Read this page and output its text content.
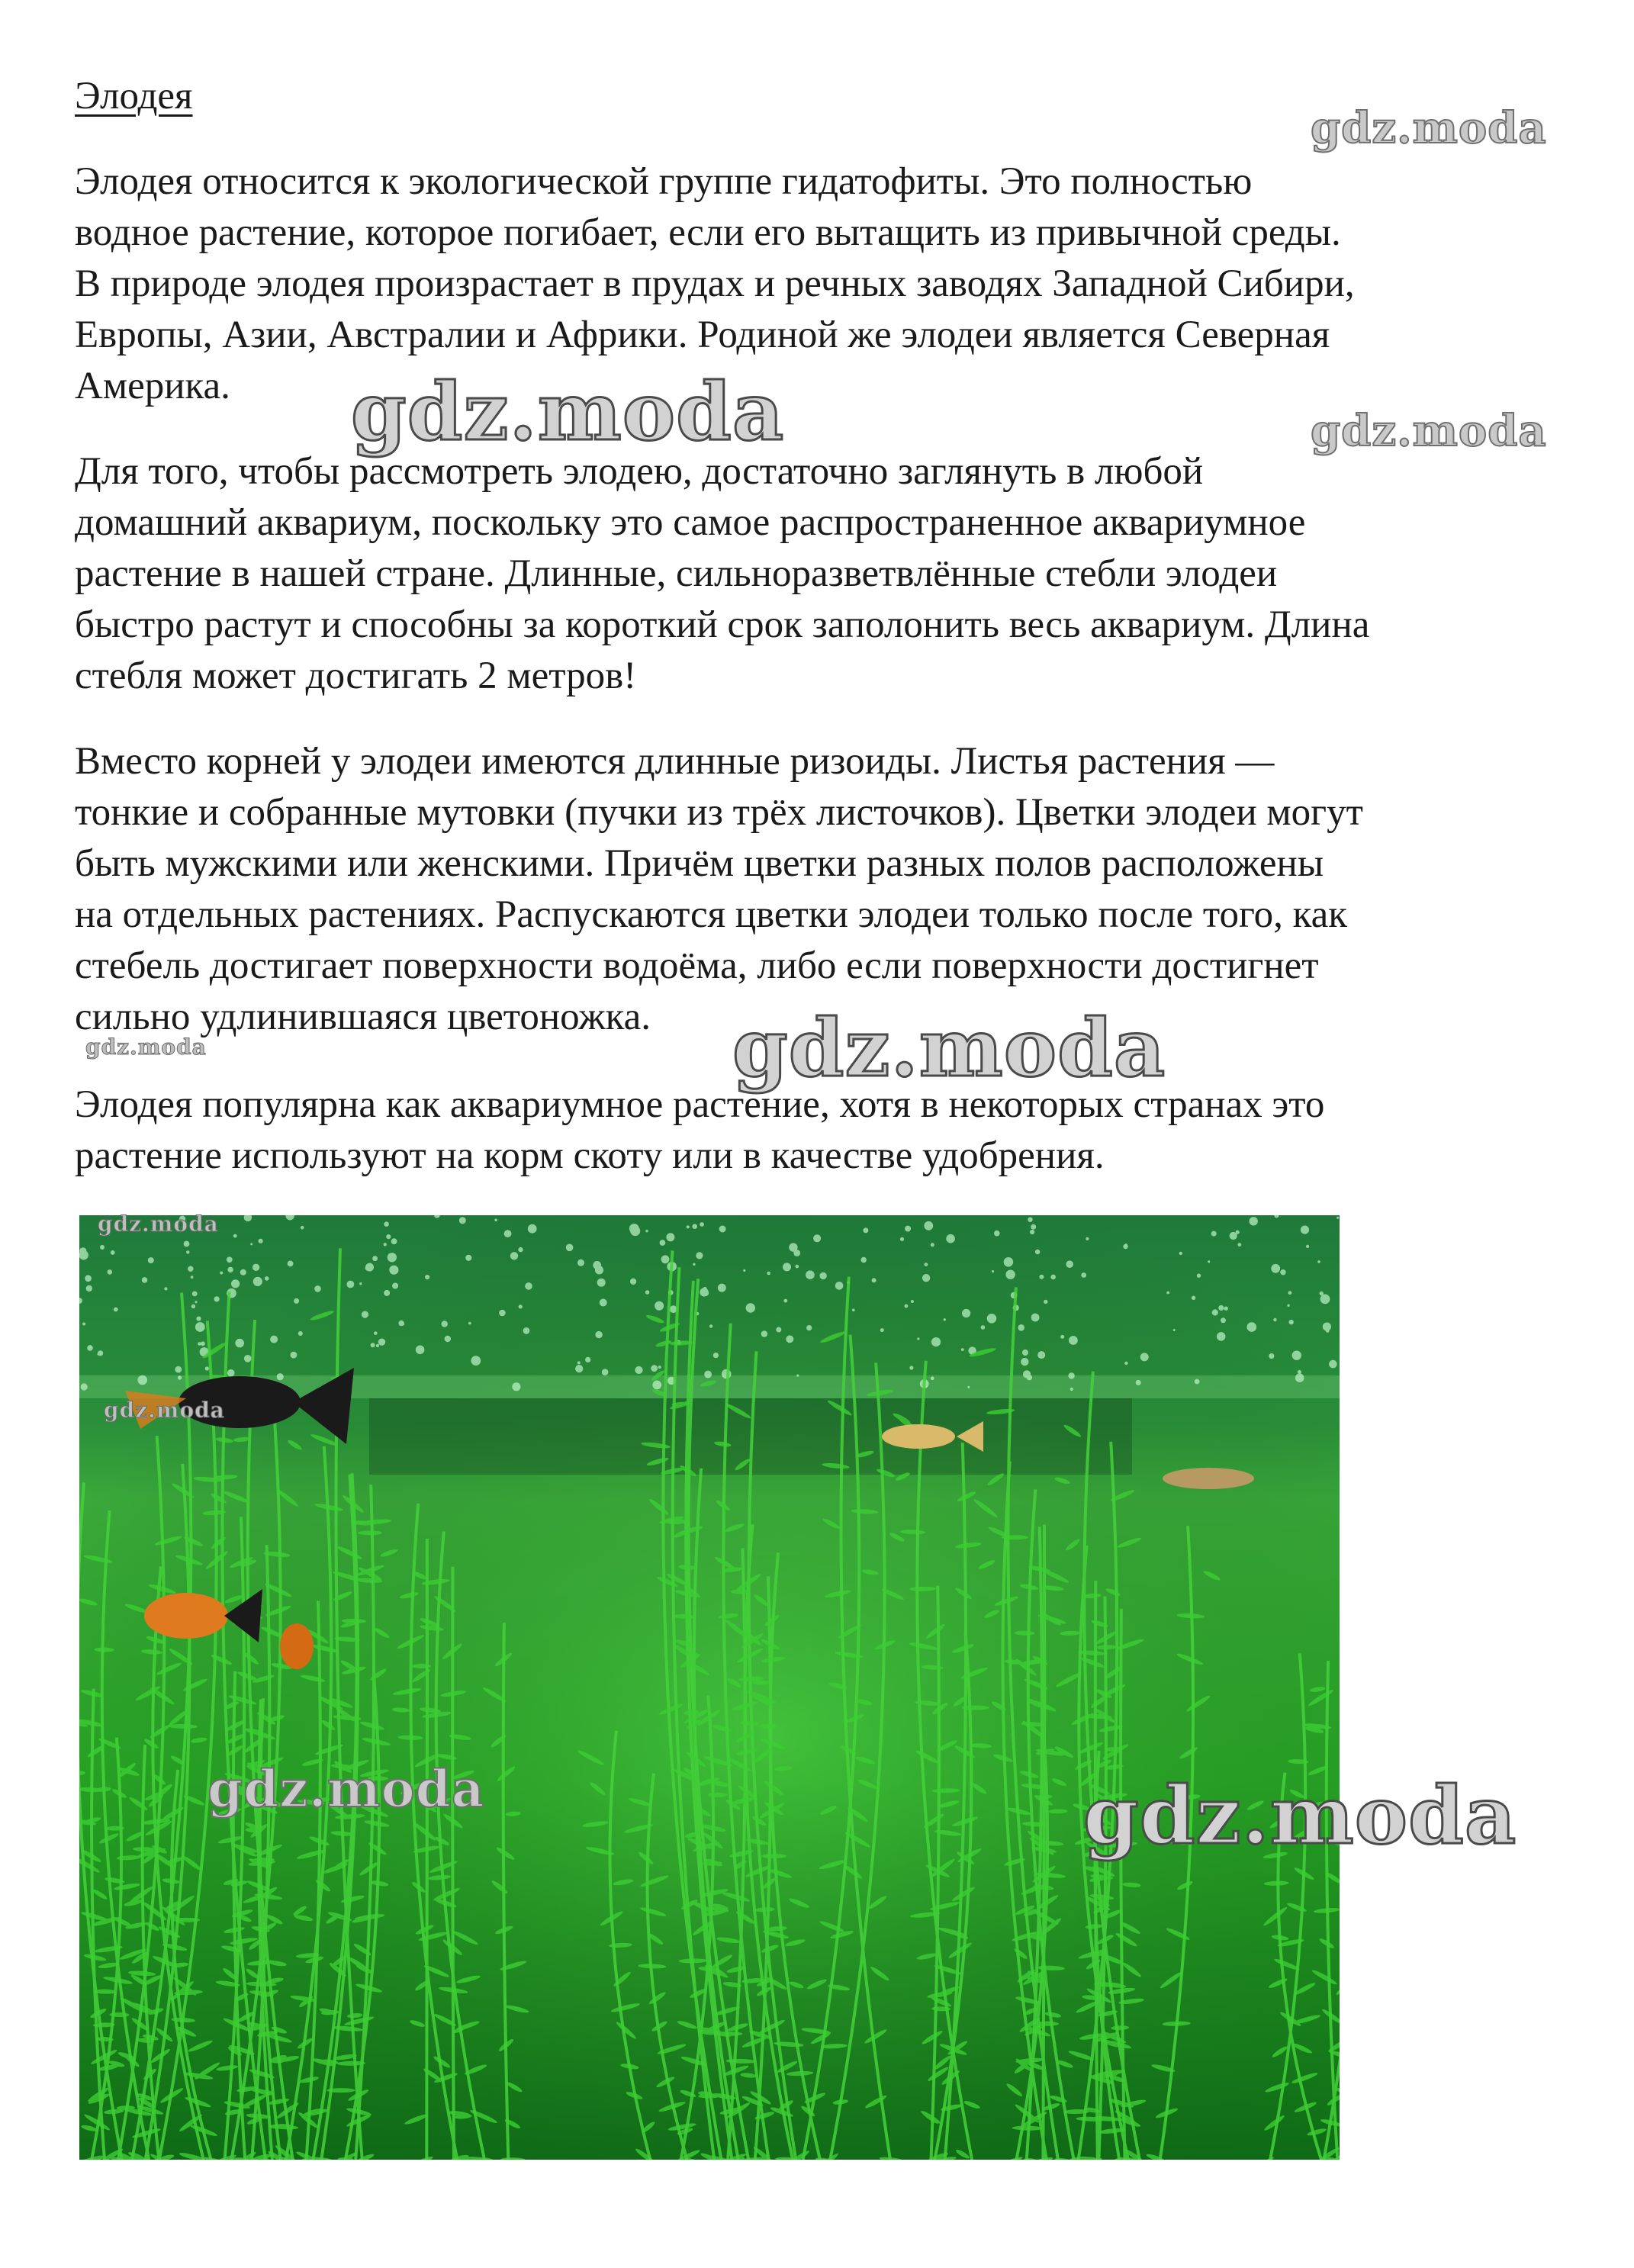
Элодея

Элодея относится к экологической группе гидатофиты. Это полностью
водное растение, которое погибает, если его вытащить из привычной среды.
В природе элодея произрастает в прудах и речных заводях Западной Сибири,
Европы, Азии, Австралии и Африки. Родиной же элодеи является Северная
Америка.

Для того, чтобы рассмотреть элодею, достаточно заглянуть в любой
домашний аквариум, поскольку это самое распространенное аквариумное
растение в нашей стране. Длинные, сильноразветвлённые стебли элодеи
быстро растут и способны за короткий срок заполонить весь аквариум. Длина
стебля может достигать 2 метров!

Вместо корней у элодеи имеются длинные ризоиды. Листья растения —
тонкие и собранные мутовки (пучки из трёх листочков). Цветки элодеи могут
быть мужскими или женскими. Причём цветки разных полов расположены
на отдельных растениях. Распускаются цветки элодеи только после того, как
стебель достигает поверхности водоёма, либо если поверхности достигнет
сильно удлинившаяся цветоножка.

Элодея популярна как аквариумное растение, хотя в некоторых странах это
растение используют на корм скоту или в качестве удобрения.

gdz.moda
gdz.moda	gdz.moda
gdz.moda
gdz.moda
gdz.moda
gdz.moda
gdz.moda	gdz.moda
